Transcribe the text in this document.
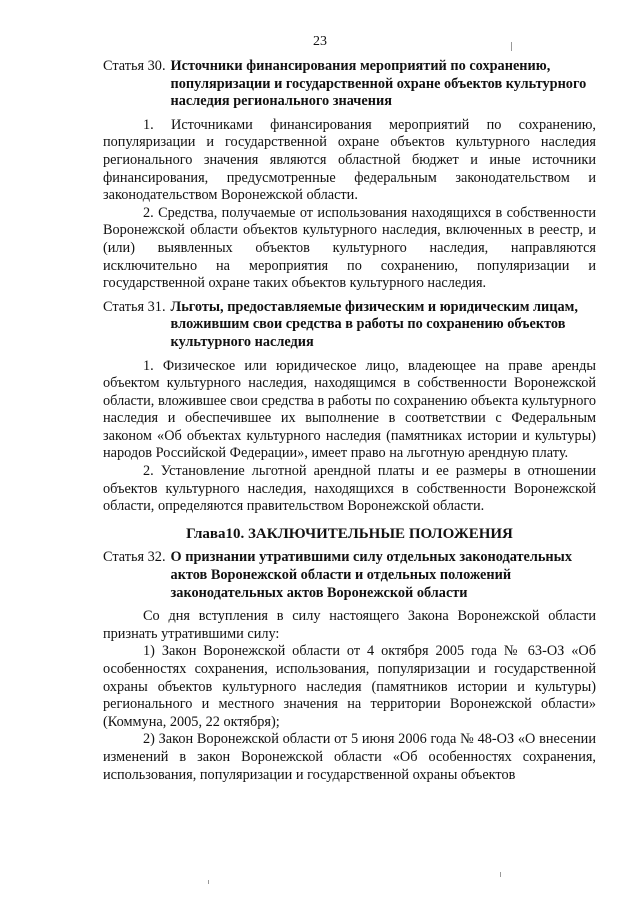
23
Статья 30. Источники финансирования мероприятий по сохранению, популяризации и государственной охране объектов культурного наследия регионального значения

1. Источниками финансирования мероприятий по сохранению, популяризации и государственной охране объектов культурного наследия регионального значения являются областной бюджет и иные источники финансирования, предусмотренные федеральным законодательством и законодательством Воронежской области.

2. Средства, получаемые от использования находящихся в собственности Воронежской области объектов культурного наследия, включенных в реестр, и (или) выявленных объектов культурного наследия, направляются исключительно на мероприятия по сохранению, популяризации и государственной охране таких объектов культурного наследия.

Статья 31. Льготы, предоставляемые физическим и юридическим лицам, вложившим свои средства в работы по сохранению объектов культурного наследия

1. Физическое или юридическое лицо, владеющее на праве аренды объектом культурного наследия, находящимся в собственности Воронежской области, вложившее свои средства в работы по сохранению объекта культурного наследия и обеспечившее их выполнение в соответствии с Федеральным законом «Об объектах культурного наследия (памятниках истории и культуры) народов Российской Федерации», имеет право на льготную арендную плату.

2. Установление льготной арендной платы и ее размеры в отношении объектов культурного наследия, находящихся в собственности Воронежской области, определяются правительством Воронежской области.

Глава10. ЗАКЛЮЧИТЕЛЬНЫЕ ПОЛОЖЕНИЯ
Статья 32. О признании утратившими силу отдельных законодательных актов Воронежской области и отдельных положений законодательных актов Воронежской области

Со дня вступления в силу настоящего Закона Воронежской области признать утратившими силу:

1) Закон Воронежской области от 4 октября 2005 года № 63-ОЗ «Об особенностях сохранения, использования, популяризации и государственной охраны объектов культурного наследия (памятников истории и культуры) регионального и местного значения на территории Воронежской области» (Коммуна, 2005, 22 октября);

2) Закон Воронежской области от 5 июня 2006 года № 48-ОЗ «О внесении изменений в закон Воронежской области «Об особенностях сохранения, использования, популяризации и государственной охраны объектов
